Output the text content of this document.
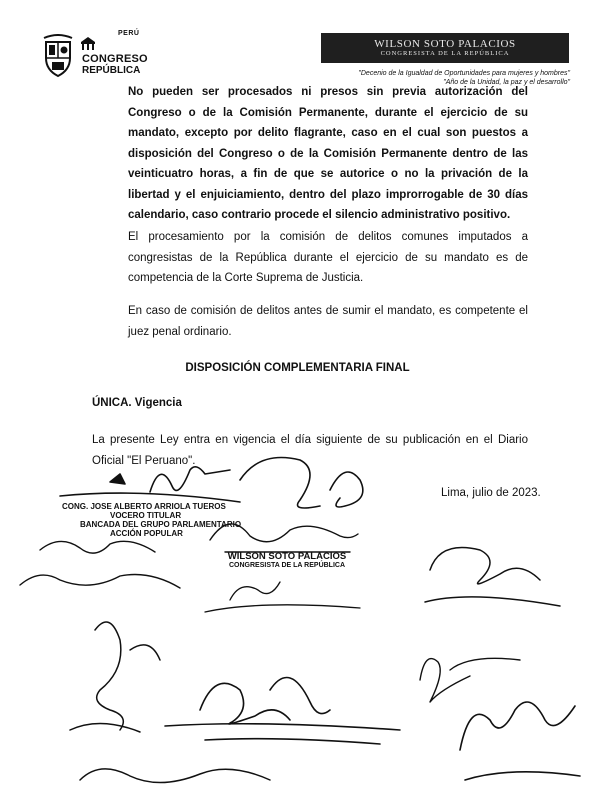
PERÚ
CONGRESO
REPÚBLICA
WILSON SOTO PALACIOS
CONGRESISTA DE LA REPÚBLICA
"Decenio de la Igualdad de Oportunidades para mujeres y hombres"
"Año de la Unidad, la paz y el desarrollo"

No pueden ser procesados ni presos sin previa autorización del Congreso o de la Comisión Permanente, durante el ejercicio de su mandato, excepto por delito flagrante, caso en el cual son puestos a disposición del Congreso o de la Comisión Permanente dentro de las veinticuatro horas, a fin de que se autorice o no la privación de la libertad y el enjuiciamiento, dentro del plazo improrrogable de 30 días calendario, caso contrario procede el silencio administrativo positivo.

El procesamiento por la comisión de delitos comunes imputados a congresistas de la República durante el ejercicio de su mandato es de competencia de la Corte Suprema de Justicia.

En caso de comisión de delitos antes de sumir el mandato, es competente el juez penal ordinario.

DISPOSICIÓN COMPLEMENTARIA FINAL
ÚNICA. Vigencia

La presente Ley entra en vigencia el día siguiente de su publicación en el Diario Oficial "El Peruano".

Lima, julio de 2023.
CONG. JOSE ALBERTO ARRIOLA TUEROS
VOCERO TITULAR
BANCADA DEL GRUPO PARLAMENTARIO
ACCIÓN POPULAR
WILSON SOTO PALACIOS
CONGRESISTA DE LA REPÚBLICA
